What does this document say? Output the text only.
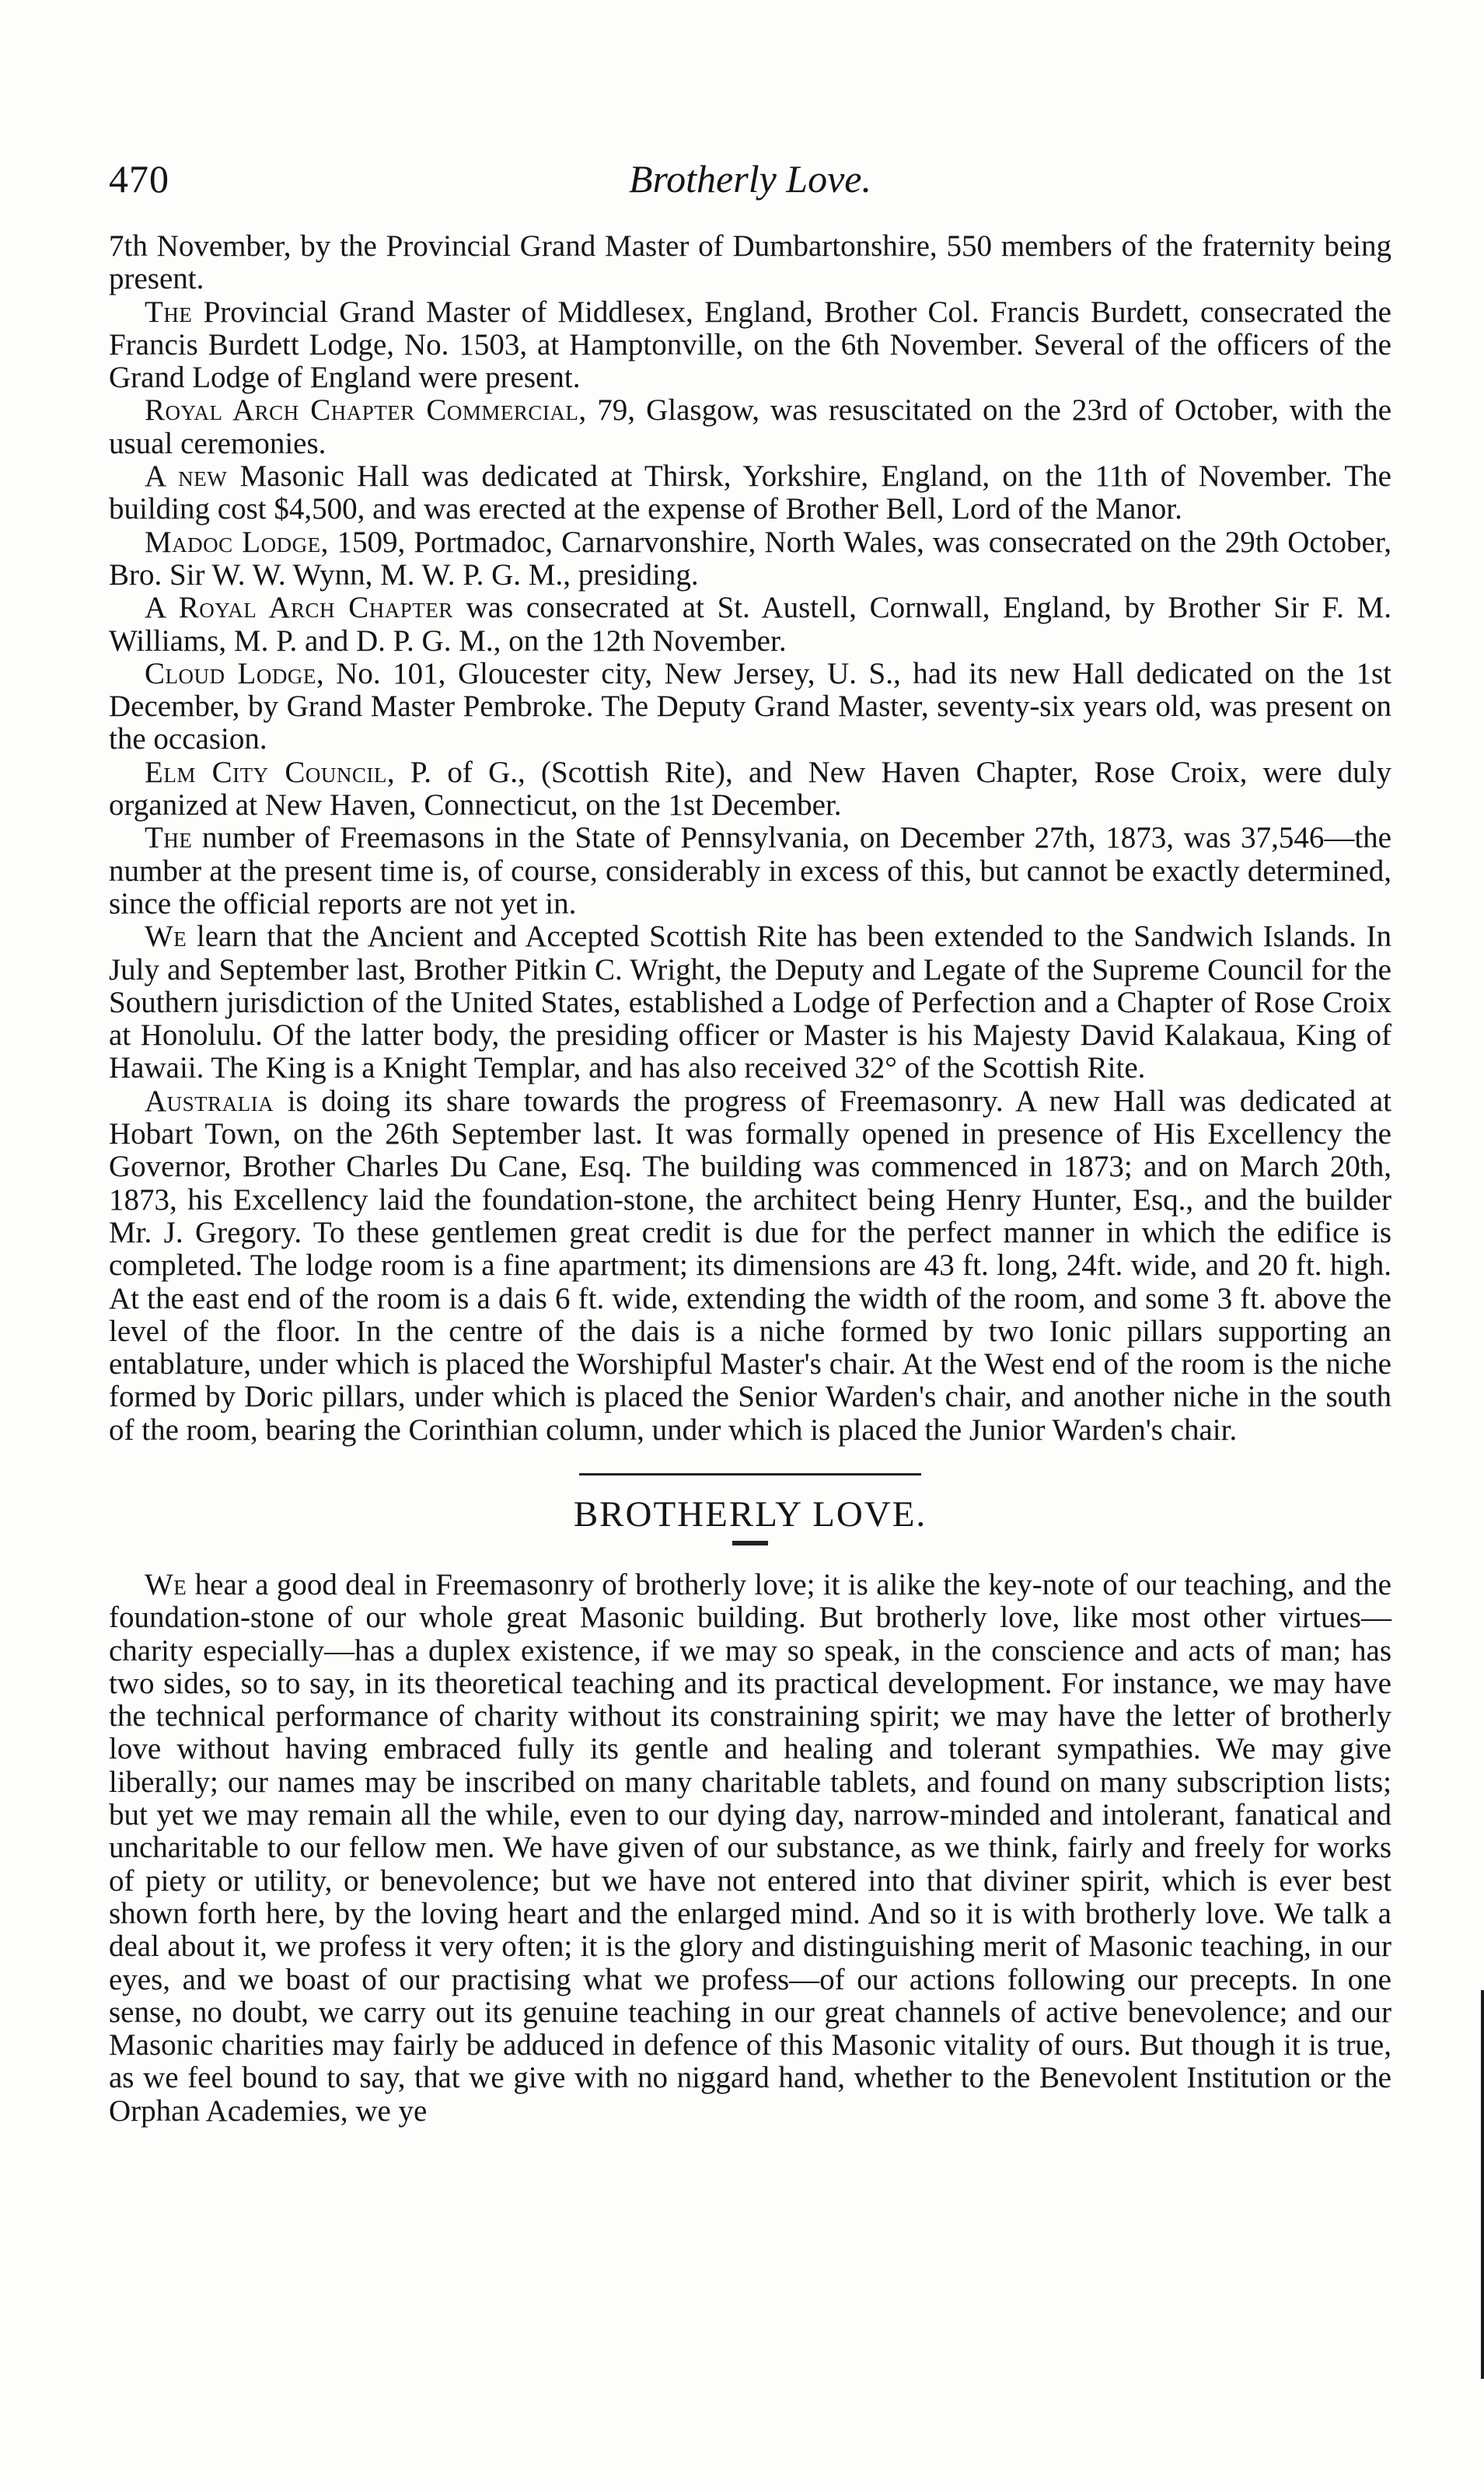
Brotherly Love.
470

7th November, by the Provincial Grand Master of Dumbartonshire, 550 members of the fraternity being present.

The Provincial Grand Master of Middlesex, England, Brother Col. Francis Burdett, consecrated the Francis Burdett Lodge, No. 1503, at Hamptonville, on the 6th November. Several of the officers of the Grand Lodge of England were present.

Royal Arch Chapter Commercial, 79, Glasgow, was resuscitated on the 23rd of October, with the usual ceremonies.

A new Masonic Hall was dedicated at Thirsk, Yorkshire, England, on the 11th of November. The building cost $4,500, and was erected at the expense of Brother Bell, Lord of the Manor.

Madoc Lodge, 1509, Portmadoc, Carnarvonshire, North Wales, was consecrated on the 29th October, Bro. Sir W. W. Wynn, M. W. P. G. M., presiding.

A Royal Arch Chapter was consecrated at St. Austell, Cornwall, England, by Brother Sir F. M. Williams, M. P. and D. P. G. M., on the 12th November.

Cloud Lodge, No. 101, Gloucester city, New Jersey, U. S., had its new Hall dedicated on the 1st December, by Grand Master Pembroke. The Deputy Grand Master, seventy-six years old, was present on the occasion.

Elm City Council, P. of G., (Scottish Rite), and New Haven Chapter, Rose Croix, were duly organized at New Haven, Connecticut, on the 1st December.

The number of Freemasons in the State of Pennsylvania, on December 27th, 1873, was 37,546—the number at the present time is, of course, considerably in excess of this, but cannot be exactly determined, since the official reports are not yet in.

We learn that the Ancient and Accepted Scottish Rite has been extended to the Sandwich Islands. In July and September last, Brother Pitkin C. Wright, the Deputy and Legate of the Supreme Council for the Southern jurisdiction of the United States, established a Lodge of Perfection and a Chapter of Rose Croix at Honolulu. Of the latter body, the presiding officer or Master is his Majesty David Kalakaua, King of Hawaii. The King is a Knight Templar, and has also received 32° of the Scottish Rite.

Australia is doing its share towards the progress of Freemasonry. A new Hall was dedicated at Hobart Town, on the 26th September last. It was formally opened in presence of His Excellency the Governor, Brother Charles Du Cane, Esq. The building was commenced in 1873; and on March 20th, 1873, his Excellency laid the foundation-stone, the architect being Henry Hunter, Esq., and the builder Mr. J. Gregory. To these gentlemen great credit is due for the perfect manner in which the edifice is completed. The lodge room is a fine apartment; its dimensions are 43 ft. long, 24ft. wide, and 20 ft. high. At the east end of the room is a dais 6 ft. wide, extending the width of the room, and some 3 ft. above the level of the floor. In the centre of the dais is a niche formed by two Ionic pillars supporting an entablature, under which is placed the Worshipful Master's chair. At the West end of the room is the niche formed by Doric pillars, under which is placed the Senior Warden's chair, and another niche in the south of the room, bearing the Corinthian column, under which is placed the Junior Warden's chair.

BROTHERLY LOVE.

We hear a good deal in Freemasonry of brotherly love; it is alike the key-note of our teaching, and the foundation-stone of our whole great Masonic building. But brotherly love, like most other virtues—charity especially—has a duplex existence, if we may so speak, in the conscience and acts of man; has two sides, so to say, in its theoretical teaching and its practical development. For instance, we may have the technical performance of charity without its constraining spirit; we may have the letter of brotherly love without having embraced fully its gentle and healing and tolerant sympathies. We may give liberally; our names may be inscribed on many charitable tablets, and found on many subscription lists; but yet we may remain all the while, even to our dying day, narrow-minded and intolerant, fanatical and uncharitable to our fellow men. We have given of our substance, as we think, fairly and freely for works of piety or utility, or benevolence; but we have not entered into that diviner spirit, which is ever best shown forth here, by the loving heart and the enlarged mind. And so it is with brotherly love. We talk a deal about it, we profess it very often; it is the glory and distinguishing merit of Masonic teaching, in our eyes, and we boast of our practising what we profess—of our actions following our precepts. In one sense, no doubt, we carry out its genuine teaching in our great channels of active benevolence; and our Masonic charities may fairly be adduced in defence of this Masonic vitality of ours. But though it is true, as we feel bound to say, that we give with no niggard hand, whether to the Benevolent Institution or the Orphan Academies, we ye
